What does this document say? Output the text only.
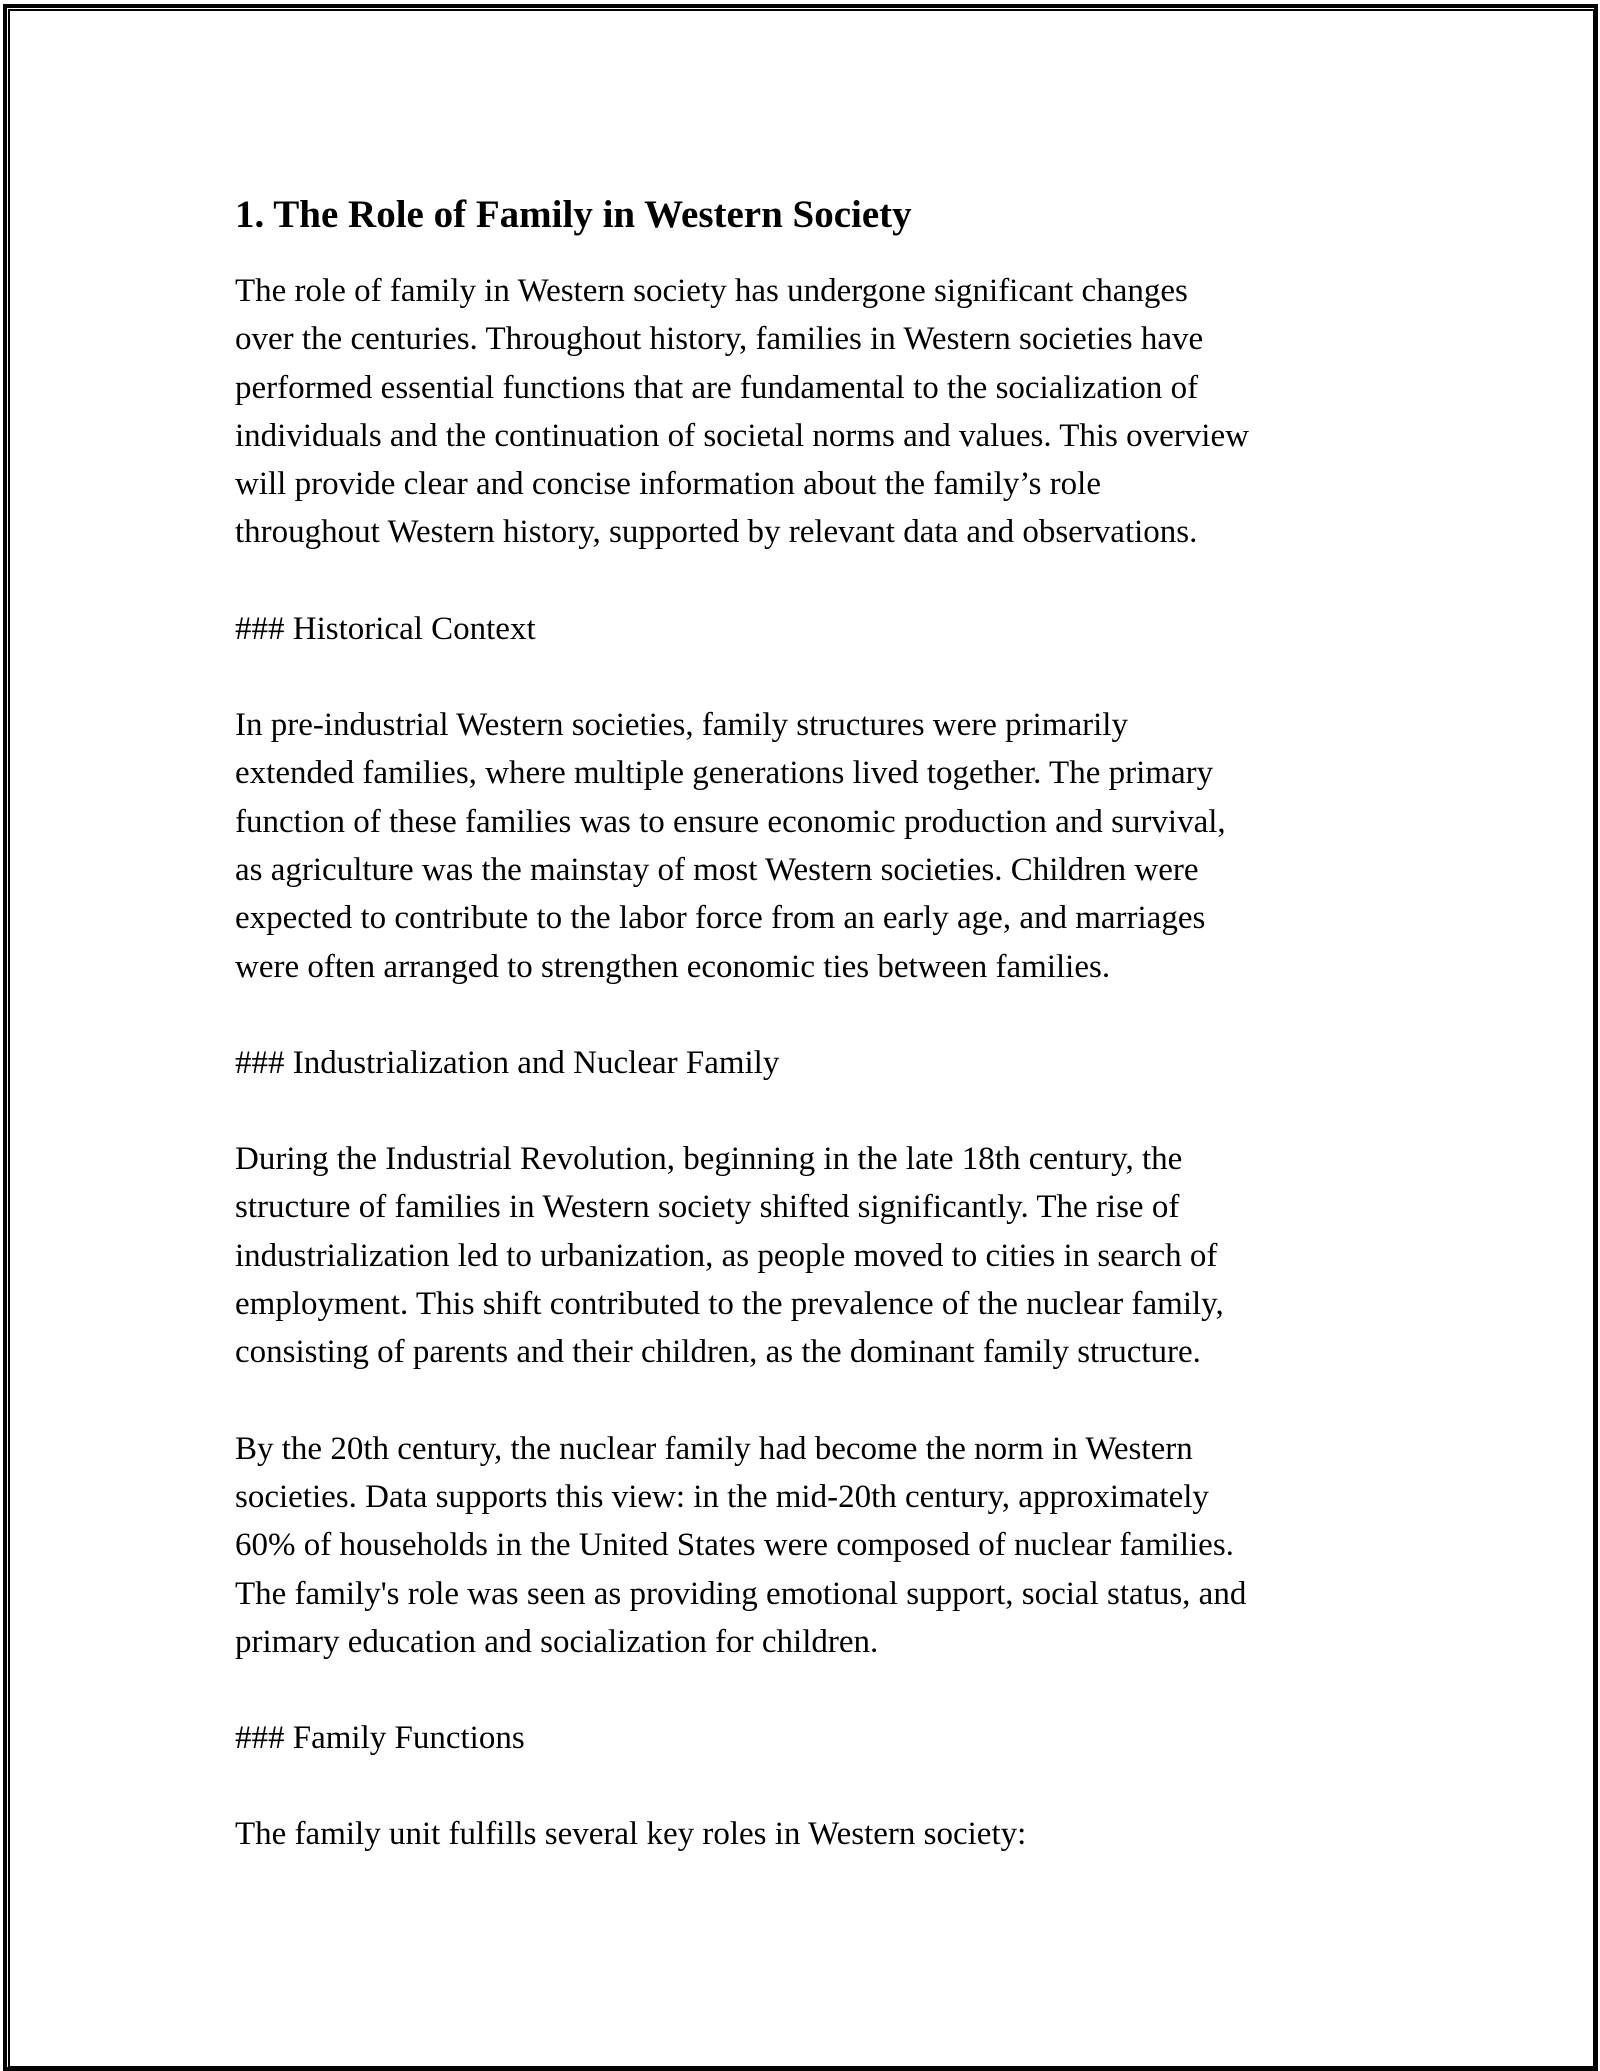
1. The Role of Family in Western Society

The role of family in Western society has undergone significant changes
over the centuries. Throughout history, families in Western societies have
performed essential functions that are fundamental to the socialization of
individuals and the continuation of societal norms and values. This overview
will provide clear and concise information about the family’s role
throughout Western history, supported by relevant data and observations.

### Historical Context

In pre-industrial Western societies, family structures were primarily
extended families, where multiple generations lived together. The primary
function of these families was to ensure economic production and survival,
as agriculture was the mainstay of most Western societies. Children were
expected to contribute to the labor force from an early age, and marriages
were often arranged to strengthen economic ties between families.

### Industrialization and Nuclear Family

During the Industrial Revolution, beginning in the late 18th century, the
structure of families in Western society shifted significantly. The rise of
industrialization led to urbanization, as people moved to cities in search of
employment. This shift contributed to the prevalence of the nuclear family,
consisting of parents and their children, as the dominant family structure.

By the 20th century, the nuclear family had become the norm in Western
societies. Data supports this view: in the mid-20th century, approximately
60% of households in the United States were composed of nuclear families.
The family's role was seen as providing emotional support, social status, and
primary education and socialization for children.

### Family Functions

The family unit fulfills several key roles in Western society:
